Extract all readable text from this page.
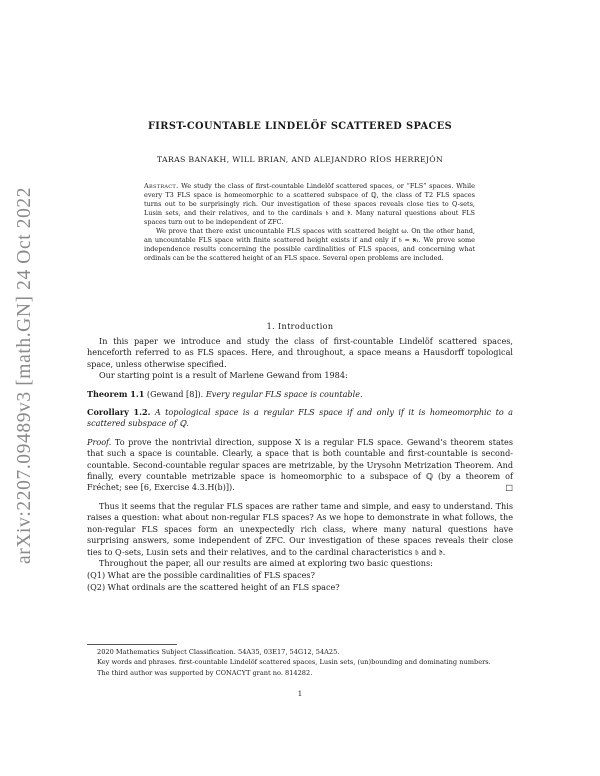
arXiv:2207.09489v3 [math.GN] 24 Oct 2022
FIRST-COUNTABLE LINDELÖF SCATTERED SPACES
TARAS BANAKH, WILL BRIAN, AND ALEJANDRO RÍOS HERREJÓN

Abstract. We study the class of first-countable Lindelöf scattered spaces, or “FLS” spaces. While every T3 FLS space is homeomorphic to a scattered subspace of ℚ, the class of T2 FLS spaces turns out to be surprisingly rich. Our investigation of these spaces reveals close ties to Q-sets, Lusin sets, and their relatives, and to the cardinals 𝔟 and 𝔡. Many natural questions about FLS spaces turn out to be independent of ZFC.

We prove that there exist uncountable FLS spaces with scattered height ω. On the other hand, an uncountable FLS space with finite scattered height exists if and only if 𝔟 = ℵ₁. We prove some independence results concerning the possible cardinalities of FLS spaces, and concerning what ordinals can be the scattered height of an FLS space. Several open problems are included.

1. Introduction

In this paper we introduce and study the class of first-countable Lindelöf scattered spaces, henceforth referred to as FLS spaces. Here, and throughout, a space means a Hausdorff topological space, unless otherwise specified.

Our starting point is a result of Marlene Gewand from 1984:

Theorem 1.1 (Gewand [8]). Every regular FLS space is countable.

Corollary 1.2. A topological space is a regular FLS space if and only if it is homeomorphic to a scattered subspace of ℚ.

Proof. To prove the nontrivial direction, suppose X is a regular FLS space. Gewand’s theorem states that such a space is countable. Clearly, a space that is both countable and first-countable is second-countable. Second-countable regular spaces are metrizable, by the Urysohn Metrization Theorem. And finally, every countable metrizable space is homeomorphic to a subspace of ℚ (by a theorem of Fréchet; see [6, Exercise 4.3.H(b)]).	□

Thus it seems that the regular FLS spaces are rather tame and simple, and easy to understand. This raises a question: what about non-regular FLS spaces? As we hope to demonstrate in what follows, the non-regular FLS spaces form an unexpectedly rich class, where many natural questions have surprising answers, some independent of ZFC. Our investigation of these spaces reveals their close ties to Q-sets, Lusin sets and their relatives, and to the cardinal characteristics 𝔟 and 𝔡.

Throughout the paper, all our results are aimed at exploring two basic questions:

(Q1) What are the possible cardinalities of FLS spaces?
(Q2) What ordinals are the scattered height of an FLS space?

2020 Mathematics Subject Classification. 54A35, 03E17, 54G12, 54A25.

Key words and phrases. first-countable Lindelöf scattered spaces, Lusin sets, (un)bounding and dominating numbers.

The third author was supported by CONACYT grant no. 814282.

1
